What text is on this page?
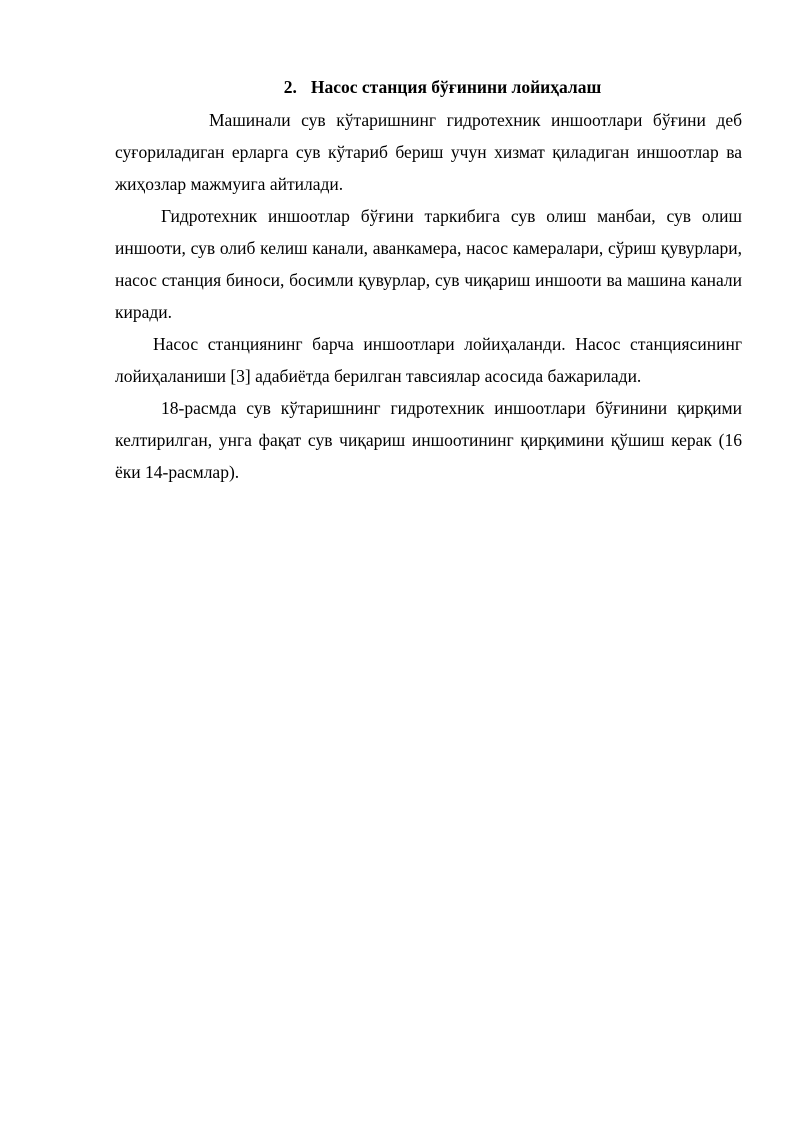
2. Насос станция бўғинини лойиҳалаш

Машинали сув кўтаришнинг гидротехник иншоотлари бўғини деб суғориладиган ерларга сув кўтариб бериш учун хизмат қиладиган иншоотлар ва жиҳозлар мажмуига айтилади.

Гидротехник иншоотлар бўғини таркибига сув олиш манбаи, сув олиш иншооти, сув олиб келиш канали, аванкамера, насос камералари, сўриш қувурлари, насос станция биноси, босимли қувурлар, сув чиқариш иншооти ва машина канали киради.

Насос станциянинг барча иншоотлари лойиҳаланди. Насос станциясининг лойиҳаланиши [3] адабиётда берилган тавсиялар асосида бажарилади.

18-расмда сув кўтаришнинг гидротехник иншоотлари бўғинини қирқими келтирилган, унга фақат сув чиқариш иншоотининг қирқимини қўшиш керак (16 ёки 14-расмлар).
